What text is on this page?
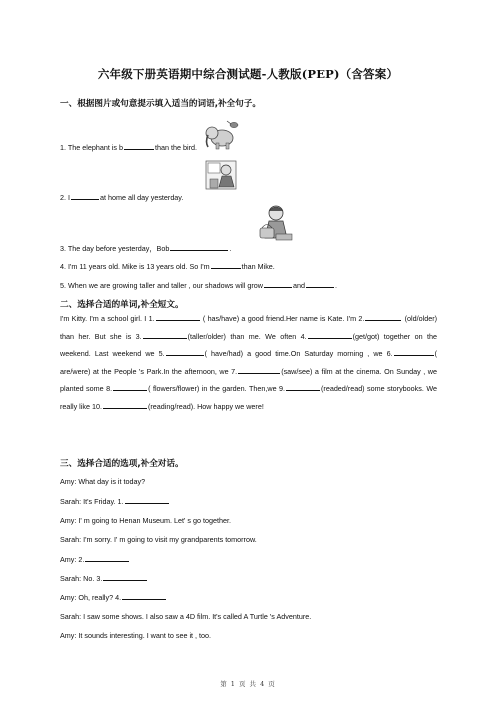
六年级下册英语期中综合测试题-人教版(PEP)（含答案）
一、根据图片或句意提示填入适当的词语,补全句子。
1. The elephant is b	than the bird.
2. I	at home all day yesterday.
3. The day before yesterday，Bob	.
4. I'm 11 years old. Mike is 13 years old. So I'm	than Mike.
5. When we are growing taller and taller , our shadows will grow	and	.
二、选择合适的单词,补全短文。
I'm Kitty. I'm a school girl. I 1.	( has/have) a good friend.Her name is Kate. I'm 2.	(old/older) than her. But she is 3.	(taller/older) than me. We often 4.	(get/got) together on the weekend. Last weekend we 5.	( have/had) a good time.On Saturday morning , we 6.	( are/were) at the People 's Park.In the afternoon, we 7.	(saw/see) a film at the cinema. On Sunday , we planted some 8.	( flowers/flower) in the garden. Then,we 9.	(readed/read) some storybooks. We really like 10.	(reading/read). How happy we were!
三、选择合适的选项,补全对话。
Amy: What day is it today?
Sarah: It's Friday. 1.
Amy: I' m going to Henan Museum. Let' s go together.
Sarah: I'm sorry. I' m going to visit my grandparents tomorrow.
Amy: 2.
Sarah: No. 3.
Amy: Oh, really? 4.
Sarah: I saw some shows. I also saw a 4D film. It's called A Turtle 's Adventure.
Amy: It sounds interesting. I want to see it , too.
第 1 页 共 4 页
